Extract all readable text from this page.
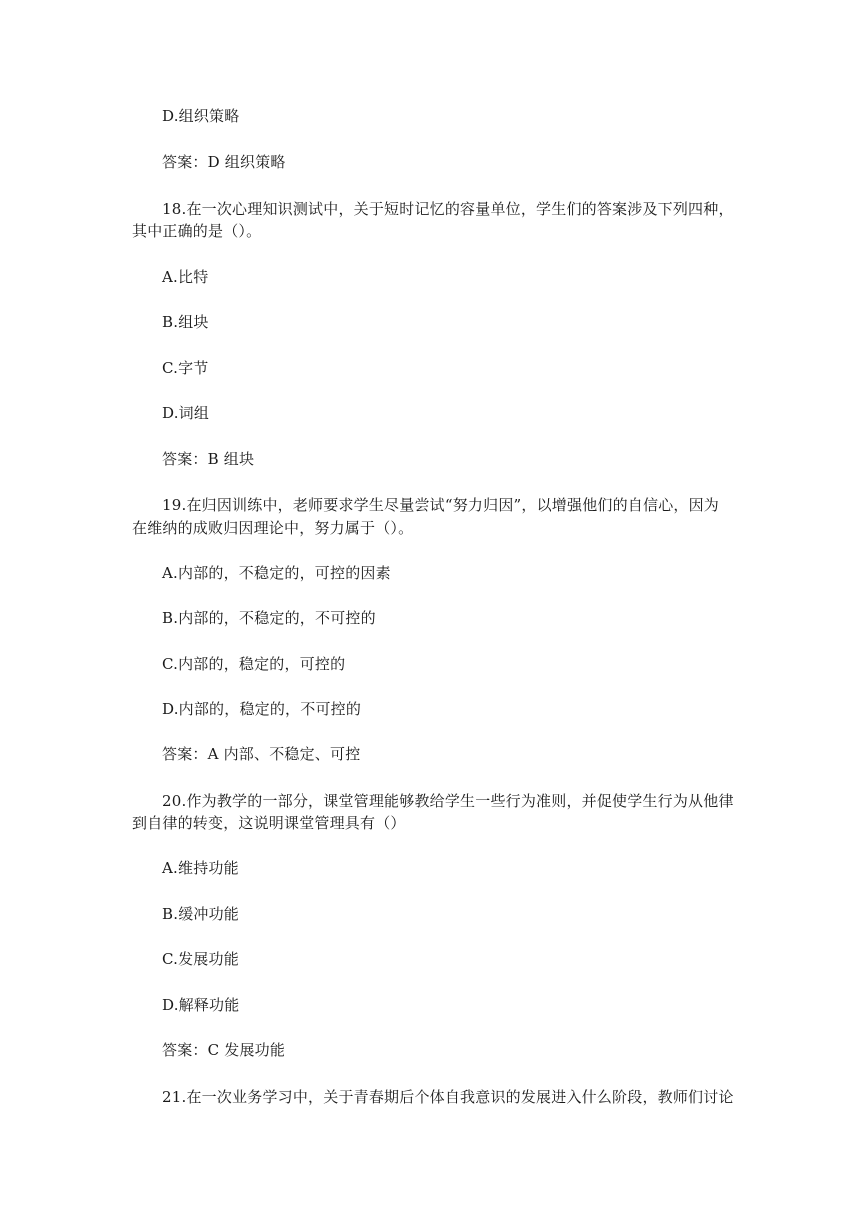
D.组织策略
答案：D 组织策略
18.在一次心理知识测试中，关于短时记忆的容量单位，学生们的答案涉及下列四种，
其中正确的是（）。
A.比特
B.组块
C.字节
D.词组
答案：B 组块
19.在归因训练中，老师要求学生尽量尝试“努力归因”，以增强他们的自信心，因为
在维纳的成败归因理论中，努力属于（）。
A.内部的，不稳定的，可控的因素
B.内部的，不稳定的，不可控的
C.内部的，稳定的，可控的
D.内部的，稳定的，不可控的
答案：A 内部、不稳定、可控
20.作为教学的一部分，课堂管理能够教给学生一些行为准则，并促使学生行为从他律
到自律的转变，这说明课堂管理具有（）
A.维持功能
B.缓冲功能
C.发展功能
D.解释功能
答案：C 发展功能
21.在一次业务学习中，关于青春期后个体自我意识的发展进入什么阶段，教师们讨论
